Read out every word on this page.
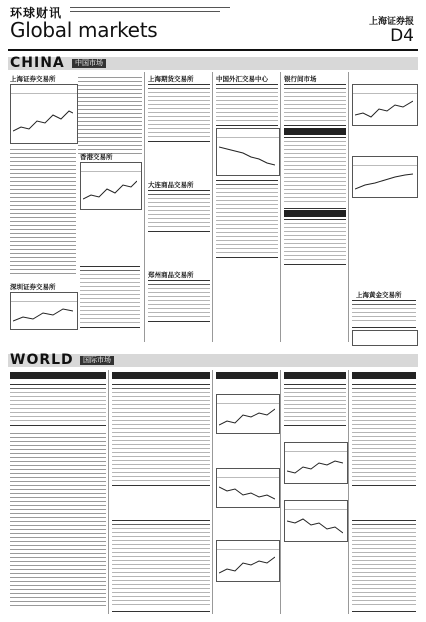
环球财讯
Global markets	上海证券报
D4
CHINA	中国市场
上海证券交易所
香港交易所
深圳证券交易所
上海期货交易所
大连商品交易所
郑州商品交易所
中国外汇交易中心 银行间市场
上海黄金交易所
WORLD	国际市场
